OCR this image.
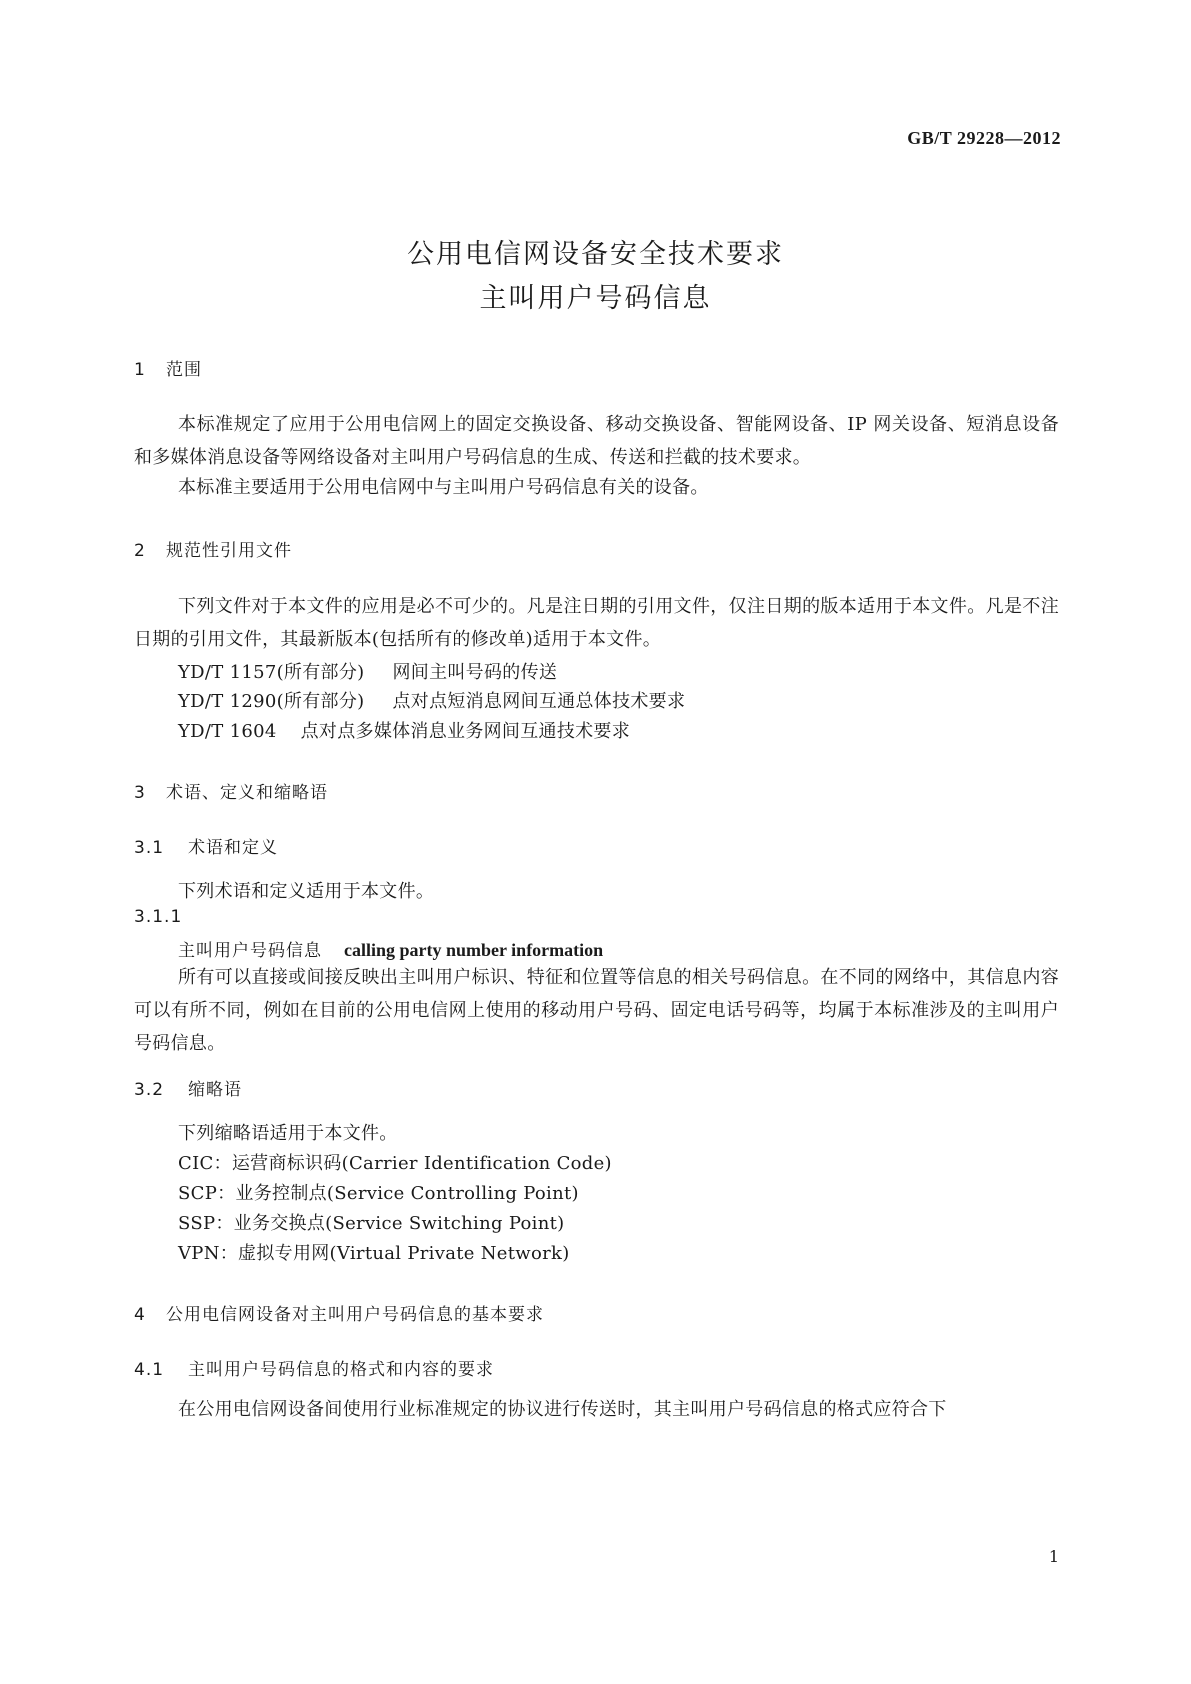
GB/T 29228—2012
公用电信网设备安全技术要求
主叫用户号码信息
1 范围
本标准规定了应用于公用电信网上的固定交换设备、移动交换设备、智能网设备、IP 网关设备、短消息设备和多媒体消息设备等网络设备对主叫用户号码信息的生成、传送和拦截的技术要求。
本标准主要适用于公用电信网中与主叫用户号码信息有关的设备。
2 规范性引用文件
下列文件对于本文件的应用是必不可少的。凡是注日期的引用文件，仅注日期的版本适用于本文件。凡是不注日期的引用文件，其最新版本(包括所有的修改单)适用于本文件。
YD/T 1157(所有部分) 网间主叫号码的传送
YD/T 1290(所有部分) 点对点短消息网间互通总体技术要求
YD/T 1604 点对点多媒体消息业务网间互通技术要求
3 术语、定义和缩略语
3.1 术语和定义
下列术语和定义适用于本文件。
3.1.1
主叫用户号码信息 calling party number information
所有可以直接或间接反映出主叫用户标识、特征和位置等信息的相关号码信息。在不同的网络中，其信息内容可以有所不同，例如在目前的公用电信网上使用的移动用户号码、固定电话号码等，均属于本标准涉及的主叫用户号码信息。
3.2 缩略语
下列缩略语适用于本文件。
CIC：运营商标识码(Carrier Identification Code)
SCP：业务控制点(Service Controlling Point)
SSP：业务交换点(Service Switching Point)
VPN：虚拟专用网(Virtual Private Network)
4 公用电信网设备对主叫用户号码信息的基本要求
4.1 主叫用户号码信息的格式和内容的要求
在公用电信网设备间使用行业标准规定的协议进行传送时，其主叫用户号码信息的格式应符合下
1
